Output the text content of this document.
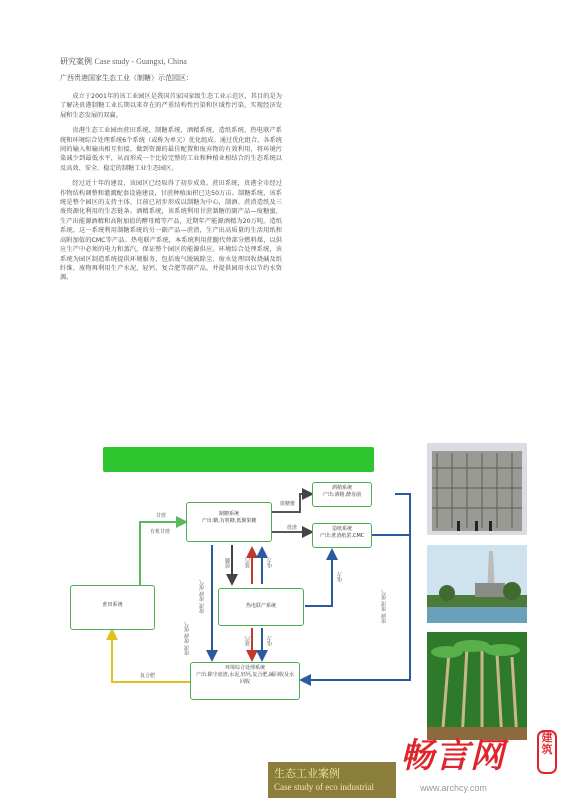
研究案例 Case study - Guangxi, China
广西贵港国家生态工业（制糖）示范园区：

成立于2001年的该工业园区是我国首家国家级生态工业示范区，其目的是为了解决贵港制糖工业长期以来存在的严重结构性污染和区域性污染，实现经济发展和生态发展的双赢。

贵港生态工业园由蔗田系统、制糖系统、酒精系统、造纸系统、热电联产系统和环境综合处理系统6个系统（或称为单元）优化组成。通过优化组合，各系统间的输入和输出相互衔接，做到资源的最佳配置和废弃物的有效利用，将环境污染减少到最低水平，从而形成一个比较完整的工业和种植业相结合的生态系统以及高效、安全、稳定的制糖工业生态园区。

经过近十年的建设，该园区已经取得了初步成效。蔗田系统，贵港全市经过作物结构调整和灌溉配套设施建设，甘蔗种植面积已达50万亩。制糖系统，该系统是整个园区的支持主体，目前已初步形成以制糖为中心，制酒、蔗渣造纸及三废资源化利用的生态链条。酒精系统，该系统利用甘蔗制糖的副产品—废糖蜜，生产出能源酒精和高附加值的酵母精等产品，近期年产能源酒精为20万吨。造纸系统，这一系统利用制糖系统的另一副产品—蔗渣，生产出高质量的生活用纸和高附加值的CMC等产品。热电联产系统，本系统利用蔗髓代替部分燃料煤，以供应生产中必须的电力和蒸汽，保证整个园区的能源供应。环境综合处理系统，该系统为园区制造系统提供环境服务，包括废气脱硫除尘、废水处理回收烧碱及纸纤维、废物再利用生产水泥、轻钙、复合肥等副产品，并提供园用水以节约水资源。

蔗田系统
制糖系统
产出:糖,有机糖,低聚果糖
酒精系统
产出:酒精,酵母菌
造纸系统
产出:蔗渣纸浆,CMC
热电联产系统
环境综合处理系统
产出:除尘废渣,水泥,轻钙,复合肥,碱回收及水回收
甘蔗
有机甘蔗
废糖蜜
蔗渣
蔗髓	蒸汽	电力
蒸汽	电力
电力
废渣 废液 废气
废渣 废液 废气
废液 废渣 废气
复合肥
生态工业案例
Case study of eco industrial
畅言网	建筑
www.archcy.com
